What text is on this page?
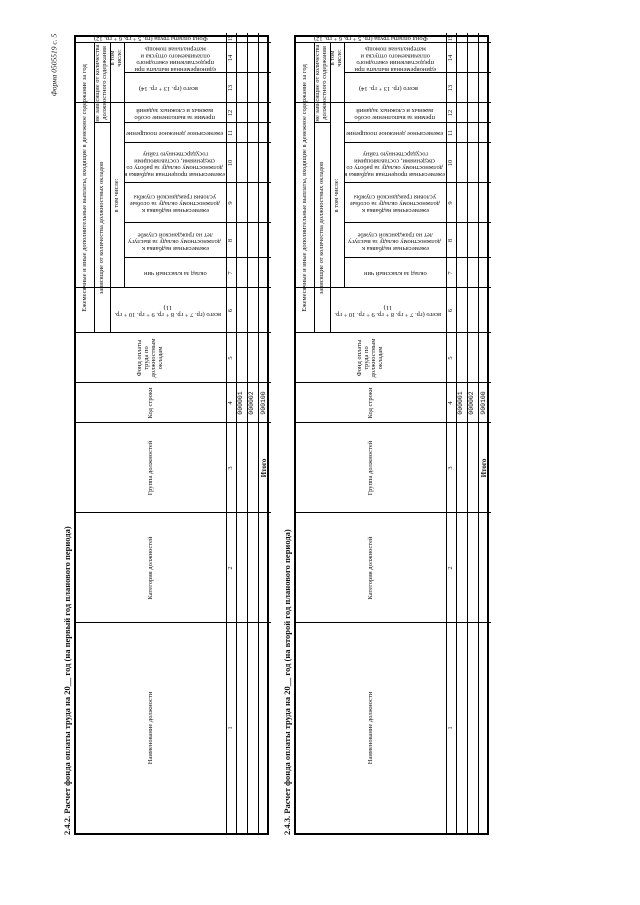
Форма 0505519 с. 5
2.4.2. Расчет фонда оплаты труда на 20__ год (на первый год планового периода)	Наименование должности
Категория должностей
Группа должностей
Код строки
Фонд оплаты труда по должностным окладам
Ежемесячные и иные дополнительные выплаты, входящие в денежное содержание за год зависящие от количества должностных окладов
не зависящие от количества должностного содержания
всего (гр. 7 + гр. 8 + гр. 9 + гр. 10 + гр. 11)
в том числе:
всего (гр. 13 + гр. 14)
в том числе:
оклад за классный чин
ежемесячная надбавка к должностному окладу за выслугу лет на гражданской службе
ежемесячная надбавка к должностному окладу за особые условия гражданской службы
ежемесячная процентная надбавка к должностному окладу за работу со сведениями, составляющими государственную тайну
ежемесячное денежное поощрение
премии за выполнение особо важных и сложных заданий
единовременная выплата при предоставлении ежегодного оплачиваемого отпуска и материальная помощь
Фонд оплаты труда (гр. 5 + гр. 6 + гр. 12)
1
2
3
4
5
6
7
8
9
10
11
12
13
14
15
000001 000002
Итого
900100
2.4.3. Расчет фонда оплаты труда на 20__ год (на второй год планового периода)	Наименование должности
Категория должностей
Группа должностей
Код строки
Фонд оплаты труда по должностным окладам
Ежемесячные и иные дополнительные выплаты, входящие в денежное содержание за год зависящие от количества должностных окладов
не зависящие от количества должностного содержания
всего (гр. 7 + гр. 8 + гр. 9 + гр. 10 + гр. 11)
в том числе:
всего (гр. 13 + гр. 14)
в том числе:
оклад за классный чин
ежемесячная надбавка к должностному окладу за выслугу лет на гражданской службе
ежемесячная надбавка к должностному окладу за особые условия гражданской службы
ежемесячная процентная надбавка к должностному окладу за работу со сведениями, составляющими государственную тайну
ежемесячное денежное поощрение
премии за выполнение особо важных и сложных заданий
единовременная выплата при предоставлении ежегодного оплачиваемого отпуска и материальная помощь
Фонд оплаты труда (гр. 5 + гр. 6 + гр. 12)
1
2
3
4
5
6
7
8
9
10
11
12
13
14
15
000001 000002
Итого
900100
